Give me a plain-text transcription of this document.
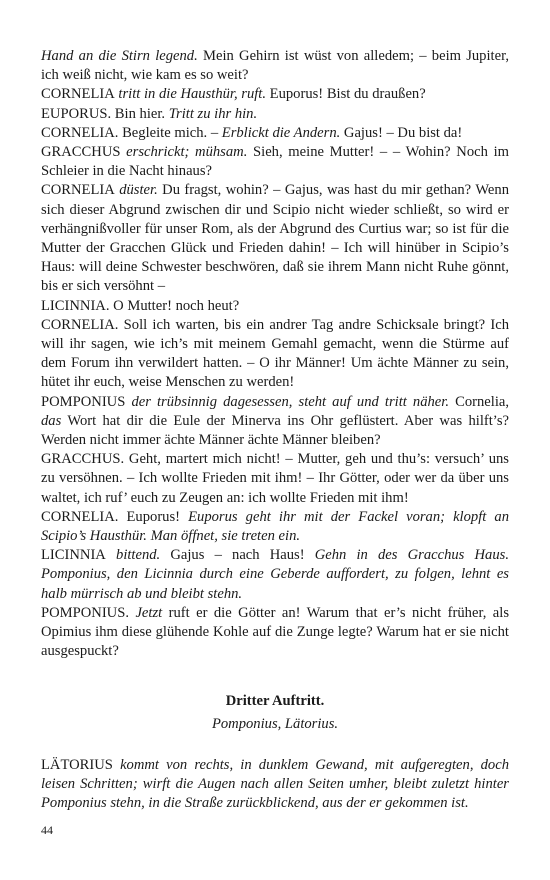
Hand an die Stirn legend. Mein Gehirn ist wüst von alledem; – beim Jupiter, ich weiß nicht, wie kam es so weit?

CORNELIA tritt in die Hausthür, ruft. Euporus! Bist du draußen?

EUPORUS. Bin hier. Tritt zu ihr hin.

CORNELIA. Begleite mich. – Erblickt die Andern. Gajus! – Du bist da!

GRACCHUS erschrickt; mühsam. Sieh, meine Mutter! – – Wohin? Noch im Schleier in die Nacht hinaus?

CORNELIA düster. Du fragst, wohin? – Gajus, was hast du mir gethan? Wenn sich dieser Abgrund zwischen dir und Scipio nicht wieder schließt, so wird er verhängnißvoller für unser Rom, als der Abgrund des Curtius war; so ist für die Mutter der Gracchen Glück und Frieden dahin! – Ich will hinüber in Scipio’s Haus: will deine Schwester beschwören, daß sie ihrem Mann nicht Ruhe gönnt, bis er sich versöhnt –

LICINNIA. O Mutter! noch heut?

CORNELIA. Soll ich warten, bis ein andrer Tag andre Schicksale bringt? Ich will ihr sagen, wie ich’s mit meinem Gemahl gemacht, wenn die Stürme auf dem Forum ihn verwildert hatten. – O ihr Männer! Um ächte Männer zu sein, hütet ihr euch, weise Menschen zu werden!

POMPONIUS der trübsinnig dagesessen, steht auf und tritt näher. Cornelia, das Wort hat dir die Eule der Minerva ins Ohr geflüstert. Aber was hilft’s? Werden nicht immer ächte Männer ächte Männer bleiben?

GRACCHUS. Geht, martert mich nicht! – Mutter, geh und thu’s: versuch’ uns zu versöhnen. – Ich wollte Frieden mit ihm! – Ihr Götter, oder wer da über uns waltet, ich ruf’ euch zu Zeugen an: ich wollte Frieden mit ihm!

CORNELIA. Euporus! Euporus geht ihr mit der Fackel voran; klopft an Scipio’s Hausthür. Man öffnet, sie treten ein.

LICINNIA bittend. Gajus – nach Haus! Gehn in des Gracchus Haus. Pomponius, den Licinnia durch eine Geberde auffordert, zu folgen, lehnt es halb mürrisch ab und bleibt stehn.

POMPONIUS. Jetzt ruft er die Götter an! Warum that er’s nicht früher, als Opimius ihm diese glühende Kohle auf die Zunge legte? Warum hat er sie nicht ausgespuckt?

Dritter Auftritt.
Pomponius, Lätorius.

LÄTORIUS kommt von rechts, in dunklem Gewand, mit aufgeregten, doch leisen Schritten; wirft die Augen nach allen Seiten umher, bleibt zuletzt hinter Pomponius stehn, in die Straße zurückblickend, aus der er gekommen ist.

44
